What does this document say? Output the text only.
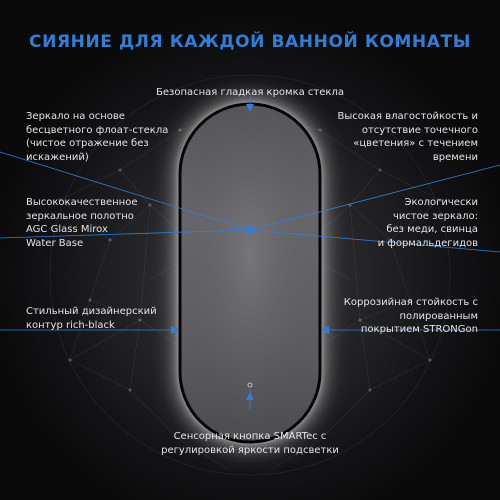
СИЯНИЕ ДЛЯ КАЖДОЙ ВАННОЙ КОМНАТЫ
Безопасная гладкая кромка стекла
Зеркало на основе
бесцветного флоат-стекла
(чистое отражение без
искажений)
Высококачественное
зеркальное полотно
AGC Glass Mirox
Water Base
Стильный дизайнерский
контур rich-black
Высокая влагостойкость и
отсутствие точечного
«цветения» с течением
времени
Экологически
чистое зеркало:
без меди, свинца
и формальдегидов
Коррозийная стойкость с
полированным
покрытием STRONGon
Сенсорная кнопка SMARTec с
регулировкой яркости подсветки
